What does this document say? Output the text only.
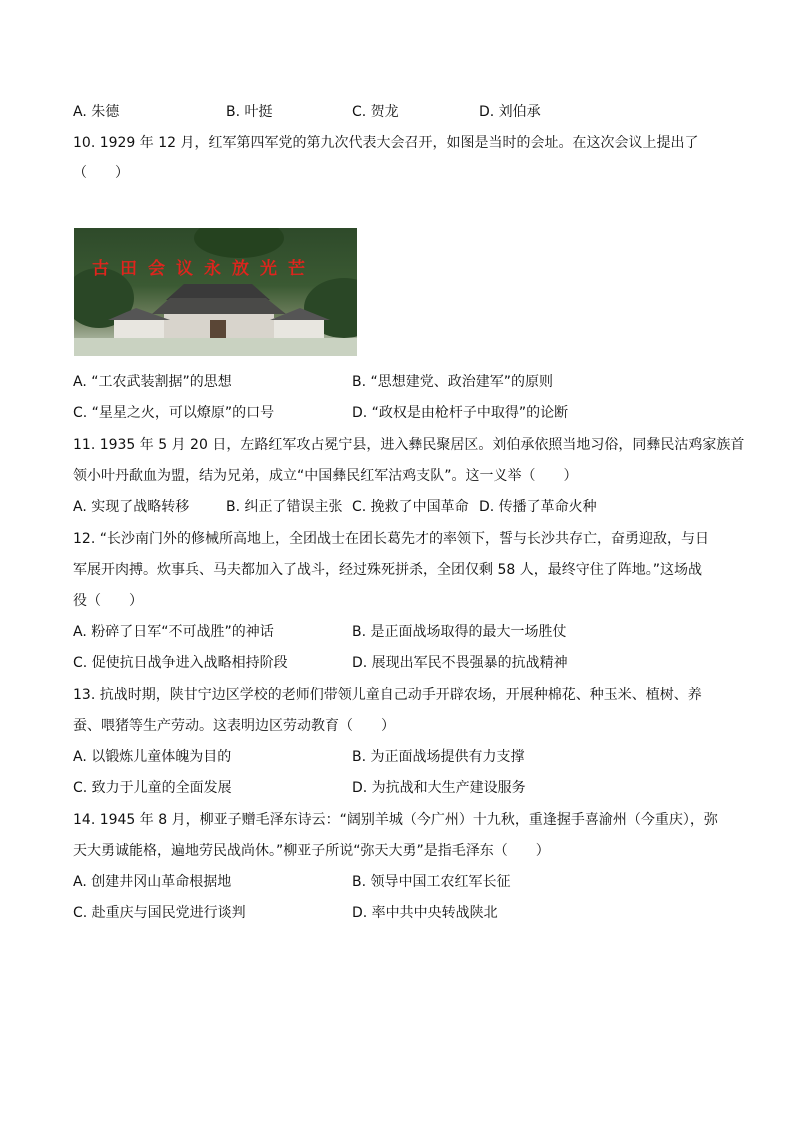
A. 朱德	B. 叶挺	C. 贺龙	D. 刘伯承
10. 1929 年 12 月，红军第四军党的第九次代表大会召开，如图是当时的会址。在这次会议上提出了
（　　）
古田会议永放光芒
A. “工农武装割据”的思想	B. “思想建党、政治建军”的原则
C. “星星之火，可以燎原”的口号	D. “政权是由枪杆子中取得”的论断
11. 1935 年 5 月 20 日，左路红军攻占冕宁县，进入彝民聚居区。刘伯承依照当地习俗，同彝民沽鸡家族首
领小叶丹歃血为盟，结为兄弟，成立“中国彝民红军沽鸡支队”。这一义举（　　）
A. 实现了战略转移	B. 纠正了错误主张 C. 挽救了中国革命 D. 传播了革命火种
12. “长沙南门外的修械所高地上，全团战士在团长葛先才的率领下，誓与长沙共存亡，奋勇迎敌，与日
军展开肉搏。炊事兵、马夫都加入了战斗，经过殊死拼杀，全团仅剩 58 人，最终守住了阵地。”这场战
役（　　）
A. 粉碎了日军“不可战胜”的神话	B. 是正面战场取得的最大一场胜仗
C. 促使抗日战争进入战略相持阶段	D. 展现出军民不畏强暴的抗战精神
13. 抗战时期，陕甘宁边区学校的老师们带领儿童自己动手开辟农场，开展种棉花、种玉米、植树、养
蚕、喂猪等生产劳动。这表明边区劳动教育（　　）
A. 以锻炼儿童体魄为目的	B. 为正面战场提供有力支撑
C. 致力于儿童的全面发展	D. 为抗战和大生产建设服务
14. 1945 年 8 月，柳亚子赠毛泽东诗云：“阔别羊城（今广州）十九秋，重逢握手喜渝州（今重庆），弥
天大勇诚能格，遍地劳民战尚休。”柳亚子所说“弥天大勇”是指毛泽东（　　）
A. 创建井冈山革命根据地	B. 领导中国工农红军长征
C. 赴重庆与国民党进行谈判	D. 率中共中央转战陕北
